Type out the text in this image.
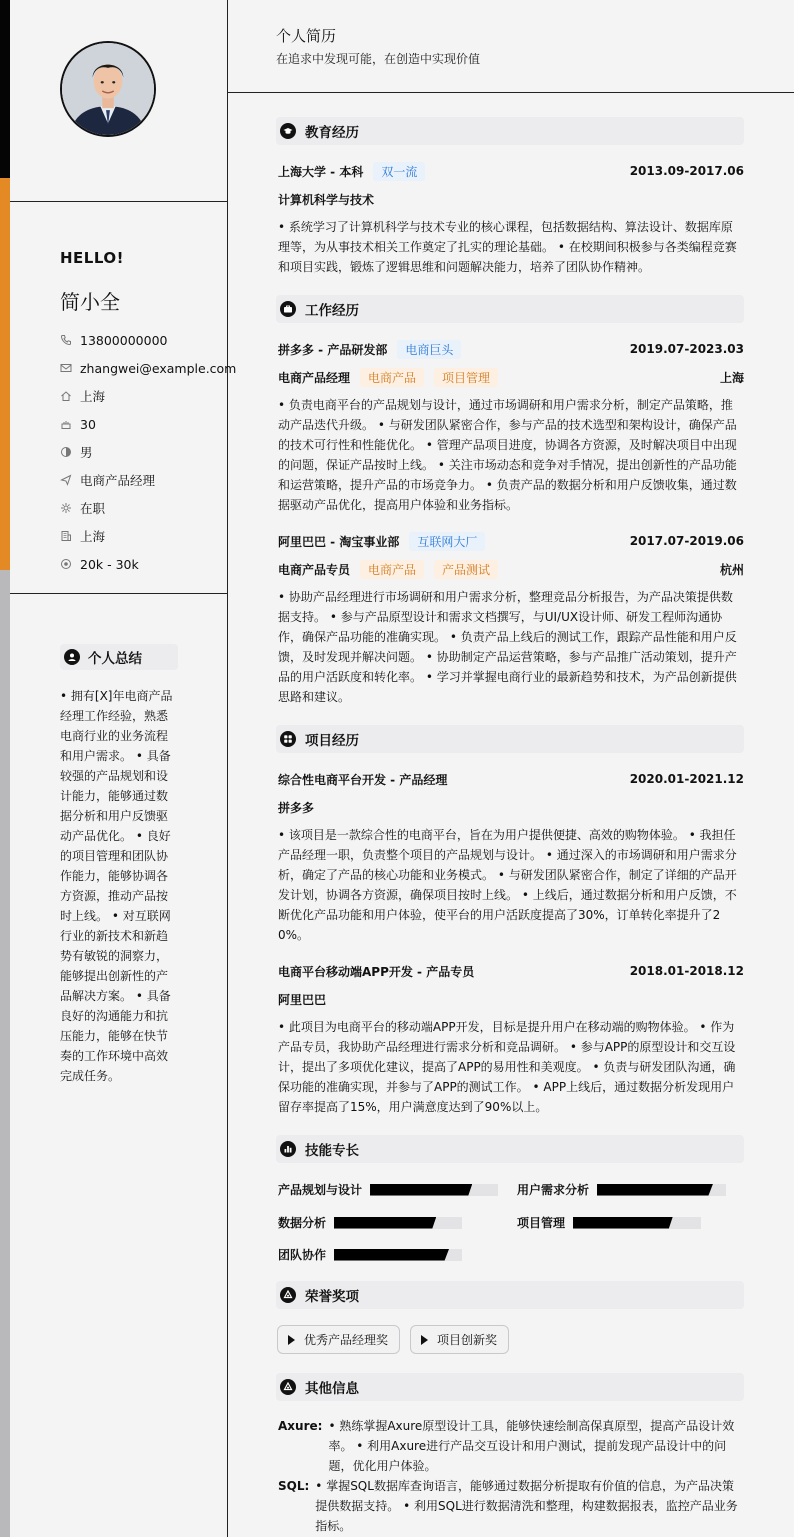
HELLO!
简小全
13800000000
zhangwei@example.com
上海
30
男
电商产品经理
在职
上海
20k - 30k
个人总结
• 拥有[X]年电商产品经理工作经验，熟悉电商行业的业务流程和用户需求。 • 具备较强的产品规划和设计能力，能够通过数据分析和用户反馈驱动产品优化。 • 良好的项目管理和团队协作能力，能够协调各方资源，推动产品按时上线。 • 对互联网行业的新技术和新趋势有敏锐的洞察力，能够提出创新性的产品解决方案。 • 具备良好的沟通能力和抗压能力，能够在快节奏的工作环境中高效完成任务。
个人简历
在追求中发现可能，在创造中实现价值
教育经历
上海大学 - 本科	双一流	2013.09-2017.06
计算机科学与技术
• 系统学习了计算机科学与技术专业的核心课程，包括数据结构、算法设计、数据库原理等，为从事技术相关工作奠定了扎实的理论基础。 • 在校期间积极参与各类编程竞赛和项目实践，锻炼了逻辑思维和问题解决能力，培养了团队协作精神。
工作经历
拼多多 - 产品研发部	电商巨头	2019.07-2023.03
电商产品经理	电商产品	项目管理	上海
• 负责电商平台的产品规划与设计，通过市场调研和用户需求分析，制定产品策略，推动产品迭代升级。 • 与研发团队紧密合作，参与产品的技术选型和架构设计，确保产品的技术可行性和性能优化。 • 管理产品项目进度，协调各方资源，及时解决项目中出现的问题，保证产品按时上线。 • 关注市场动态和竞争对手情况，提出创新性的产品功能和运营策略，提升产品的市场竞争力。 • 负责产品的数据分析和用户反馈收集，通过数据驱动产品优化，提高用户体验和业务指标。
阿里巴巴 - 淘宝事业部	互联网大厂	2017.07-2019.06
电商产品专员	电商产品	产品测试	杭州
• 协助产品经理进行市场调研和用户需求分析，整理竞品分析报告，为产品决策提供数据支持。 • 参与产品原型设计和需求文档撰写，与UI/UX设计师、研发工程师沟通协作，确保产品功能的准确实现。 • 负责产品上线后的测试工作，跟踪产品性能和用户反馈，及时发现并解决问题。 • 协助制定产品运营策略，参与产品推广活动策划，提升产品的用户活跃度和转化率。 • 学习并掌握电商行业的最新趋势和技术，为产品创新提供思路和建议。
项目经历
综合性电商平台开发 - 产品经理	2020.01-2021.12
拼多多
• 该项目是一款综合性的电商平台，旨在为用户提供便捷、高效的购物体验。 • 我担任产品经理一职，负责整个项目的产品规划与设计。 • 通过深入的市场调研和用户需求分析，确定了产品的核心功能和业务模式。 • 与研发团队紧密合作，制定了详细的产品开发计划，协调各方资源，确保项目按时上线。 • 上线后，通过数据分析和用户反馈，不断优化产品功能和用户体验，使平台的用户活跃度提高了30%，订单转化率提升了20%。
电商平台移动端APP开发 - 产品专员	2018.01-2018.12
阿里巴巴
• 此项目为电商平台的移动端APP开发，目标是提升用户在移动端的购物体验。 • 作为产品专员，我协助产品经理进行需求分析和竞品调研。 • 参与APP的原型设计和交互设计，提出了多项优化建议，提高了APP的易用性和美观度。 • 负责与研发团队沟通，确保功能的准确实现，并参与了APP的测试工作。 • APP上线后，通过数据分析发现用户留存率提高了15%，用户满意度达到了90%以上。
技能专长
产品规划与设计	用户需求分析
数据分析	项目管理
团队协作
荣誉奖项
优秀产品经理奖	项目创新奖
其他信息
Axure: • 熟练掌握Axure原型设计工具，能够快速绘制高保真原型，提高产品设计效率。 • 利用Axure进行产品交互设计和用户测试，提前发现产品设计中的问题，优化用户体验。
SQL: • 掌握SQL数据库查询语言，能够通过数据分析提取有价值的信息，为产品决策提供数据支持。 • 利用SQL进行数据清洗和整理，构建数据报表，监控产品业务指标。
